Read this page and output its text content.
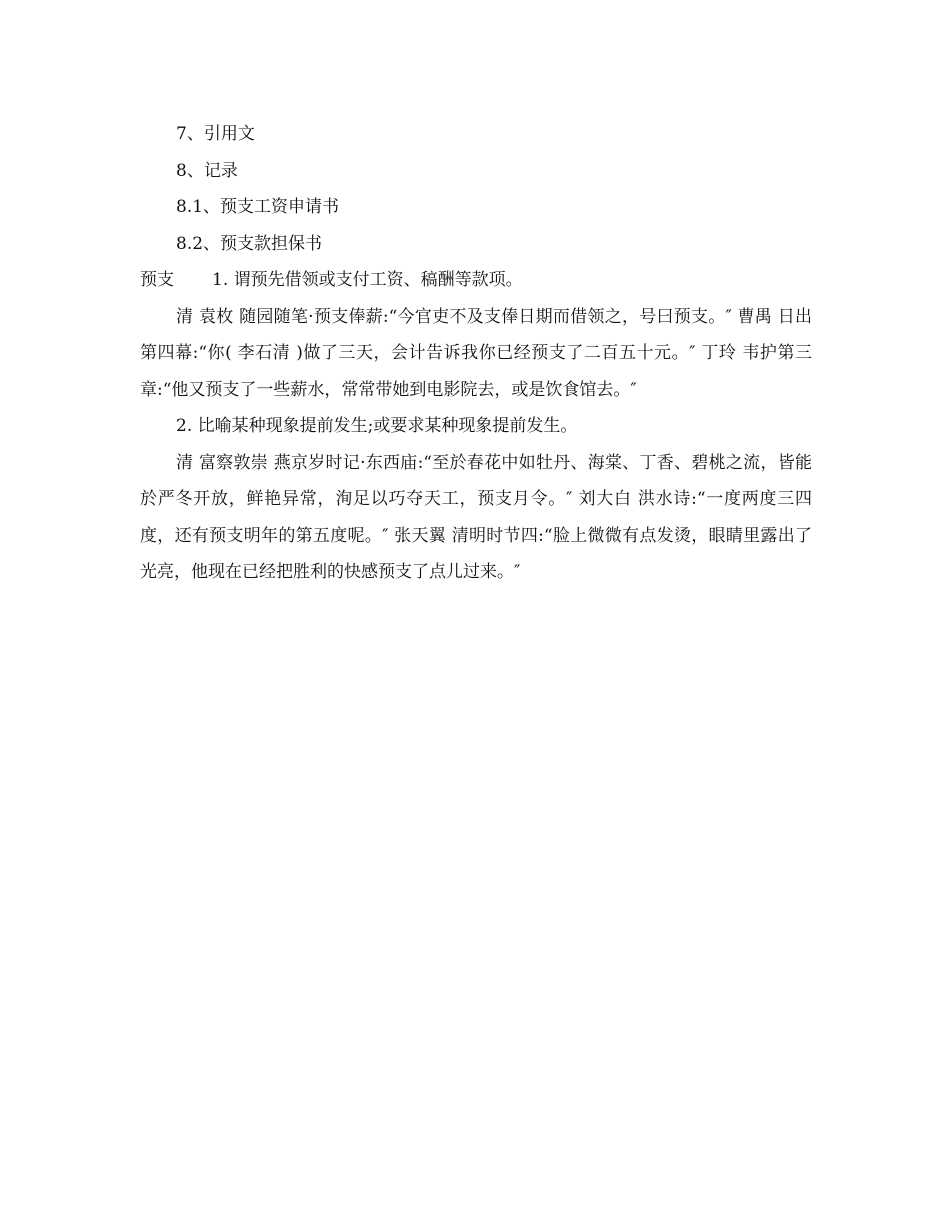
7、引用文

8、记录

8.1、预支工资申请书

8.2、预支款担保书

预支 1. 谓预先借领或支付工资、稿酬等款项。

清 袁枚 随园随笔·预支俸薪:“今官吏不及支俸日期而借领之，号曰预支。″ 曹禺 日出第四幕:“你( 李石清 )做了三天，会计告诉我你已经预支了二百五十元。″ 丁玲 韦护第三章:“他又预支了一些薪水，常常带她到电影院去，或是饮食馆去。″

2. 比喻某种现象提前发生;或要求某种现象提前发生。

清 富察敦崇 燕京岁时记·东西庙:“至於春花中如牡丹、海棠、丁香、碧桃之流，皆能於严冬开放，鲜艳异常，洵足以巧夺天工，预支月令。″ 刘大白 洪水诗:“一度两度三四度，还有预支明年的第五度呢。″ 张天翼 清明时节四:“脸上微微有点发烫，眼睛里露出了光亮，他现在已经把胜利的快感预支了点儿过来。″
